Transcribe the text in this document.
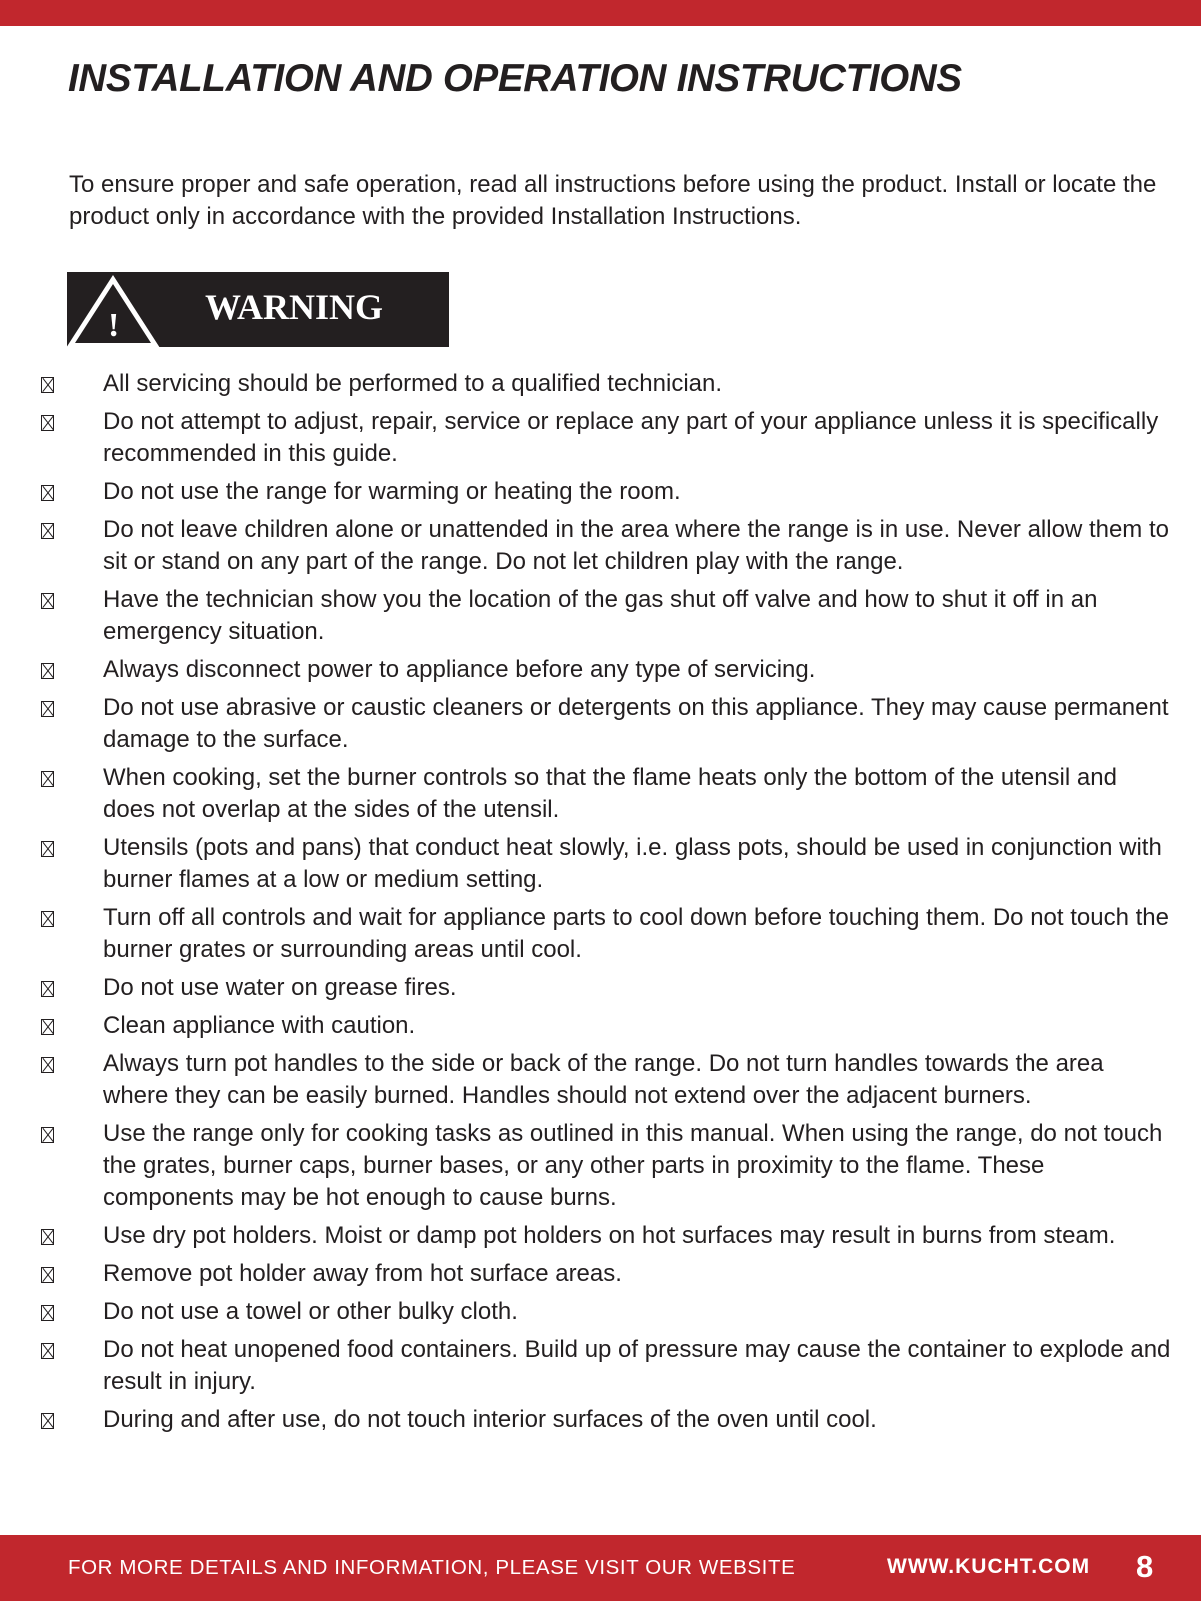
INSTALLATION AND OPERATION INSTRUCTIONS

To ensure proper and safe operation, read all instructions before using the product. Install or locate the product only in accordance with the provided Installation Instructions.

! WARNING
All servicing should be performed to a qualified technician.
Do not attempt to adjust, repair, service or replace any part of your appliance unless it is specifically recommended in this guide.
Do not use the range for warming or heating the room.
Do not leave children alone or unattended in the area where the range is in use. Never allow them to sit or stand on any part of the range. Do not let children play with the range.
Have the technician show you the location of the gas shut off valve and how to shut it off in an emergency situation.
Always disconnect power to appliance before any type of servicing.
Do not use abrasive or caustic cleaners or detergents on this appliance. They may cause permanent damage to the surface.
When cooking, set the burner controls so that the flame heats only the bottom of the utensil and does not overlap at the sides of the utensil.
Utensils (pots and pans) that conduct heat slowly, i.e. glass pots, should be used in conjunction with burner flames at a low or medium setting.
Turn off all controls and wait for appliance parts to cool down before touching them. Do not touch the burner grates or surrounding areas until cool.
Do not use water on grease fires.
Clean appliance with caution.
Always turn pot handles to the side or back of the range. Do not turn handles towards the area where they can be easily burned. Handles should not extend over the adjacent burners.
Use the range only for cooking tasks as outlined in this manual. When using the range, do not touch the grates, burner caps, burner bases, or any other parts in proximity to the flame. These components may be hot enough to cause burns.
Use dry pot holders. Moist or damp pot holders on hot surfaces may result in burns from steam.
Remove pot holder away from hot surface areas.
Do not use a towel or other bulky cloth.
Do not heat unopened food containers. Build up of pressure may cause the container to explode and result in injury.
During and after use, do not touch interior surfaces of the oven until cool.
FOR MORE DETAILS AND INFORMATION, PLEASE VISIT OUR WEBSITE	WWW.KUCHT.COM 8
